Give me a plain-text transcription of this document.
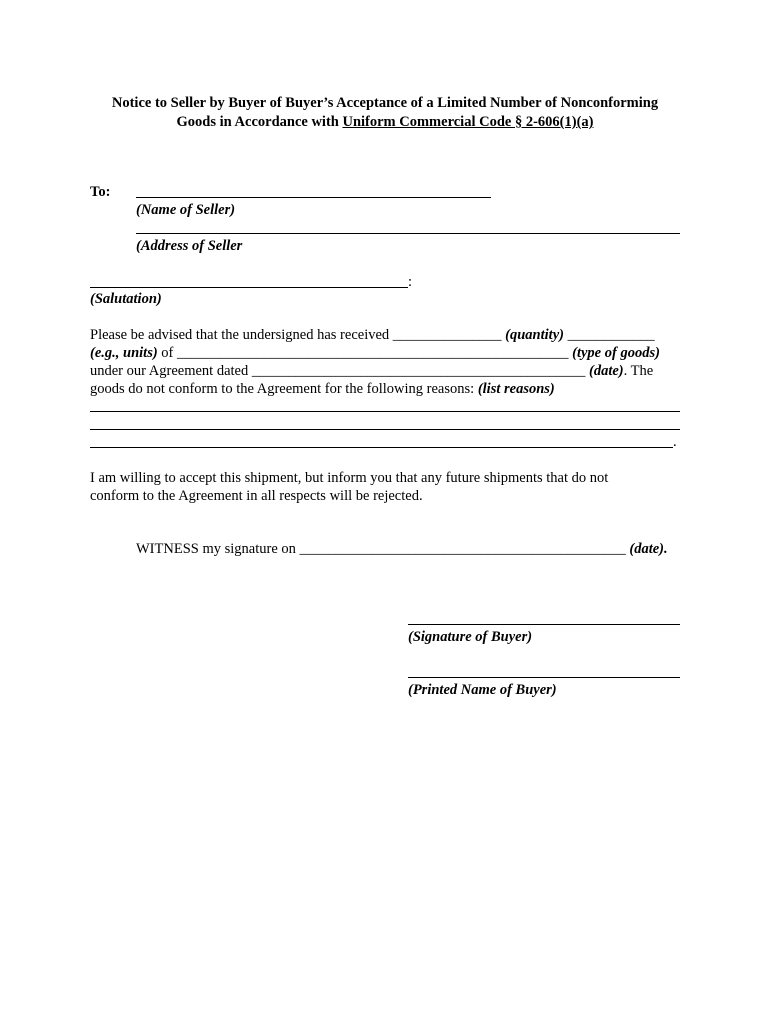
Notice to Seller by Buyer of Buyer’s Acceptance of a Limited Number of Nonconforming
Goods in Accordance with Uniform Commercial Code § 2-606(1)(a)
To:
(Name of Seller)
(Address of Seller
:
(Salutation)
Please be advised that the undersigned has received _______________ (quantity) ____________
(e.g., units) of ______________________________________________________ (type of goods)
under our Agreement dated ______________________________________________ (date). The
goods do not conform to the Agreement for the following reasons: (list reasons)
.
I am willing to accept this shipment, but inform you that any future shipments that do not
conform to the Agreement in all respects will be rejected.
WITNESS my signature on _____________________________________________ (date).
(Signature of Buyer)
(Printed Name of Buyer)
